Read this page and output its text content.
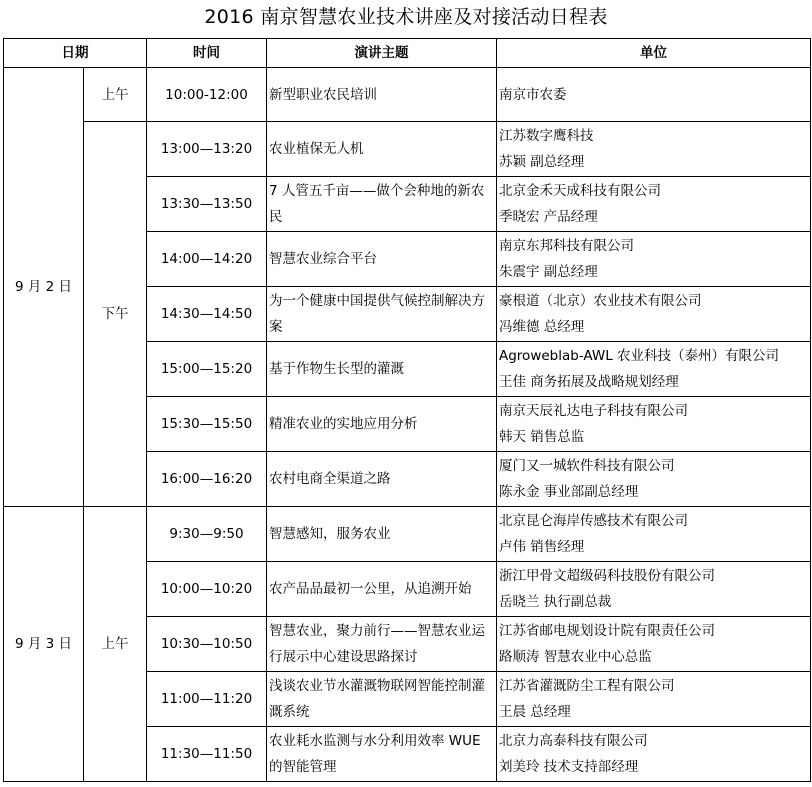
2016 南京智慧农业技术讲座及对接活动日程表
日期		时间	演讲主题	单位
9 月 2 日	上午	10:00-12:00	新型职业农民培训	南京市农委

	下午	13:00—13:20	农业植保无人机	江苏数字鹰科技
苏颖 副总经理

		13:30—13:50	7 人管五千亩——做个会种地的新农民	北京金禾天成科技有限公司
季晓宏 产品经理

		14:00—14:20	智慧农业综合平台	南京东邦科技有限公司
朱震宇 副总经理

		14:30—14:50	为一个健康中国提供气候控制解决方案	豪根道（北京）农业技术有限公司
冯维德 总经理

		15:00—15:20	基于作物生长型的灌溉	Agroweblab-AWL 农业科技（泰州）有限公司
王佳 商务拓展及战略规划经理

		15:30—15:50	精准农业的实地应用分析	南京天辰礼达电子科技有限公司
韩天 销售总监

		16:00—16:20	农村电商全渠道之路	厦门又一城软件科技有限公司
陈永金 事业部副总经理

9 月 3 日	上午	9:30—9:50	智慧感知，服务农业	北京昆仑海岸传感技术有限公司
卢伟 销售经理

		10:00—10:20	农产品品最初一公里，从追溯开始	浙江甲骨文超级码科技股份有限公司
岳晓兰 执行副总裁

		10:30—10:50	智慧农业，聚力前行——智慧农业运行展示中心建设思路探讨	江苏省邮电规划设计院有限责任公司
路顺涛 智慧农业中心总监

		11:00—11:20	浅谈农业节水灌溉物联网智能控制灌溉系统	江苏省灌溉防尘工程有限公司
王晨 总经理

		11:30—11:50	农业耗水监测与水分利用效率 WUE 的智能管理	北京力高泰科技有限公司
刘美玲 技术支持部经理
